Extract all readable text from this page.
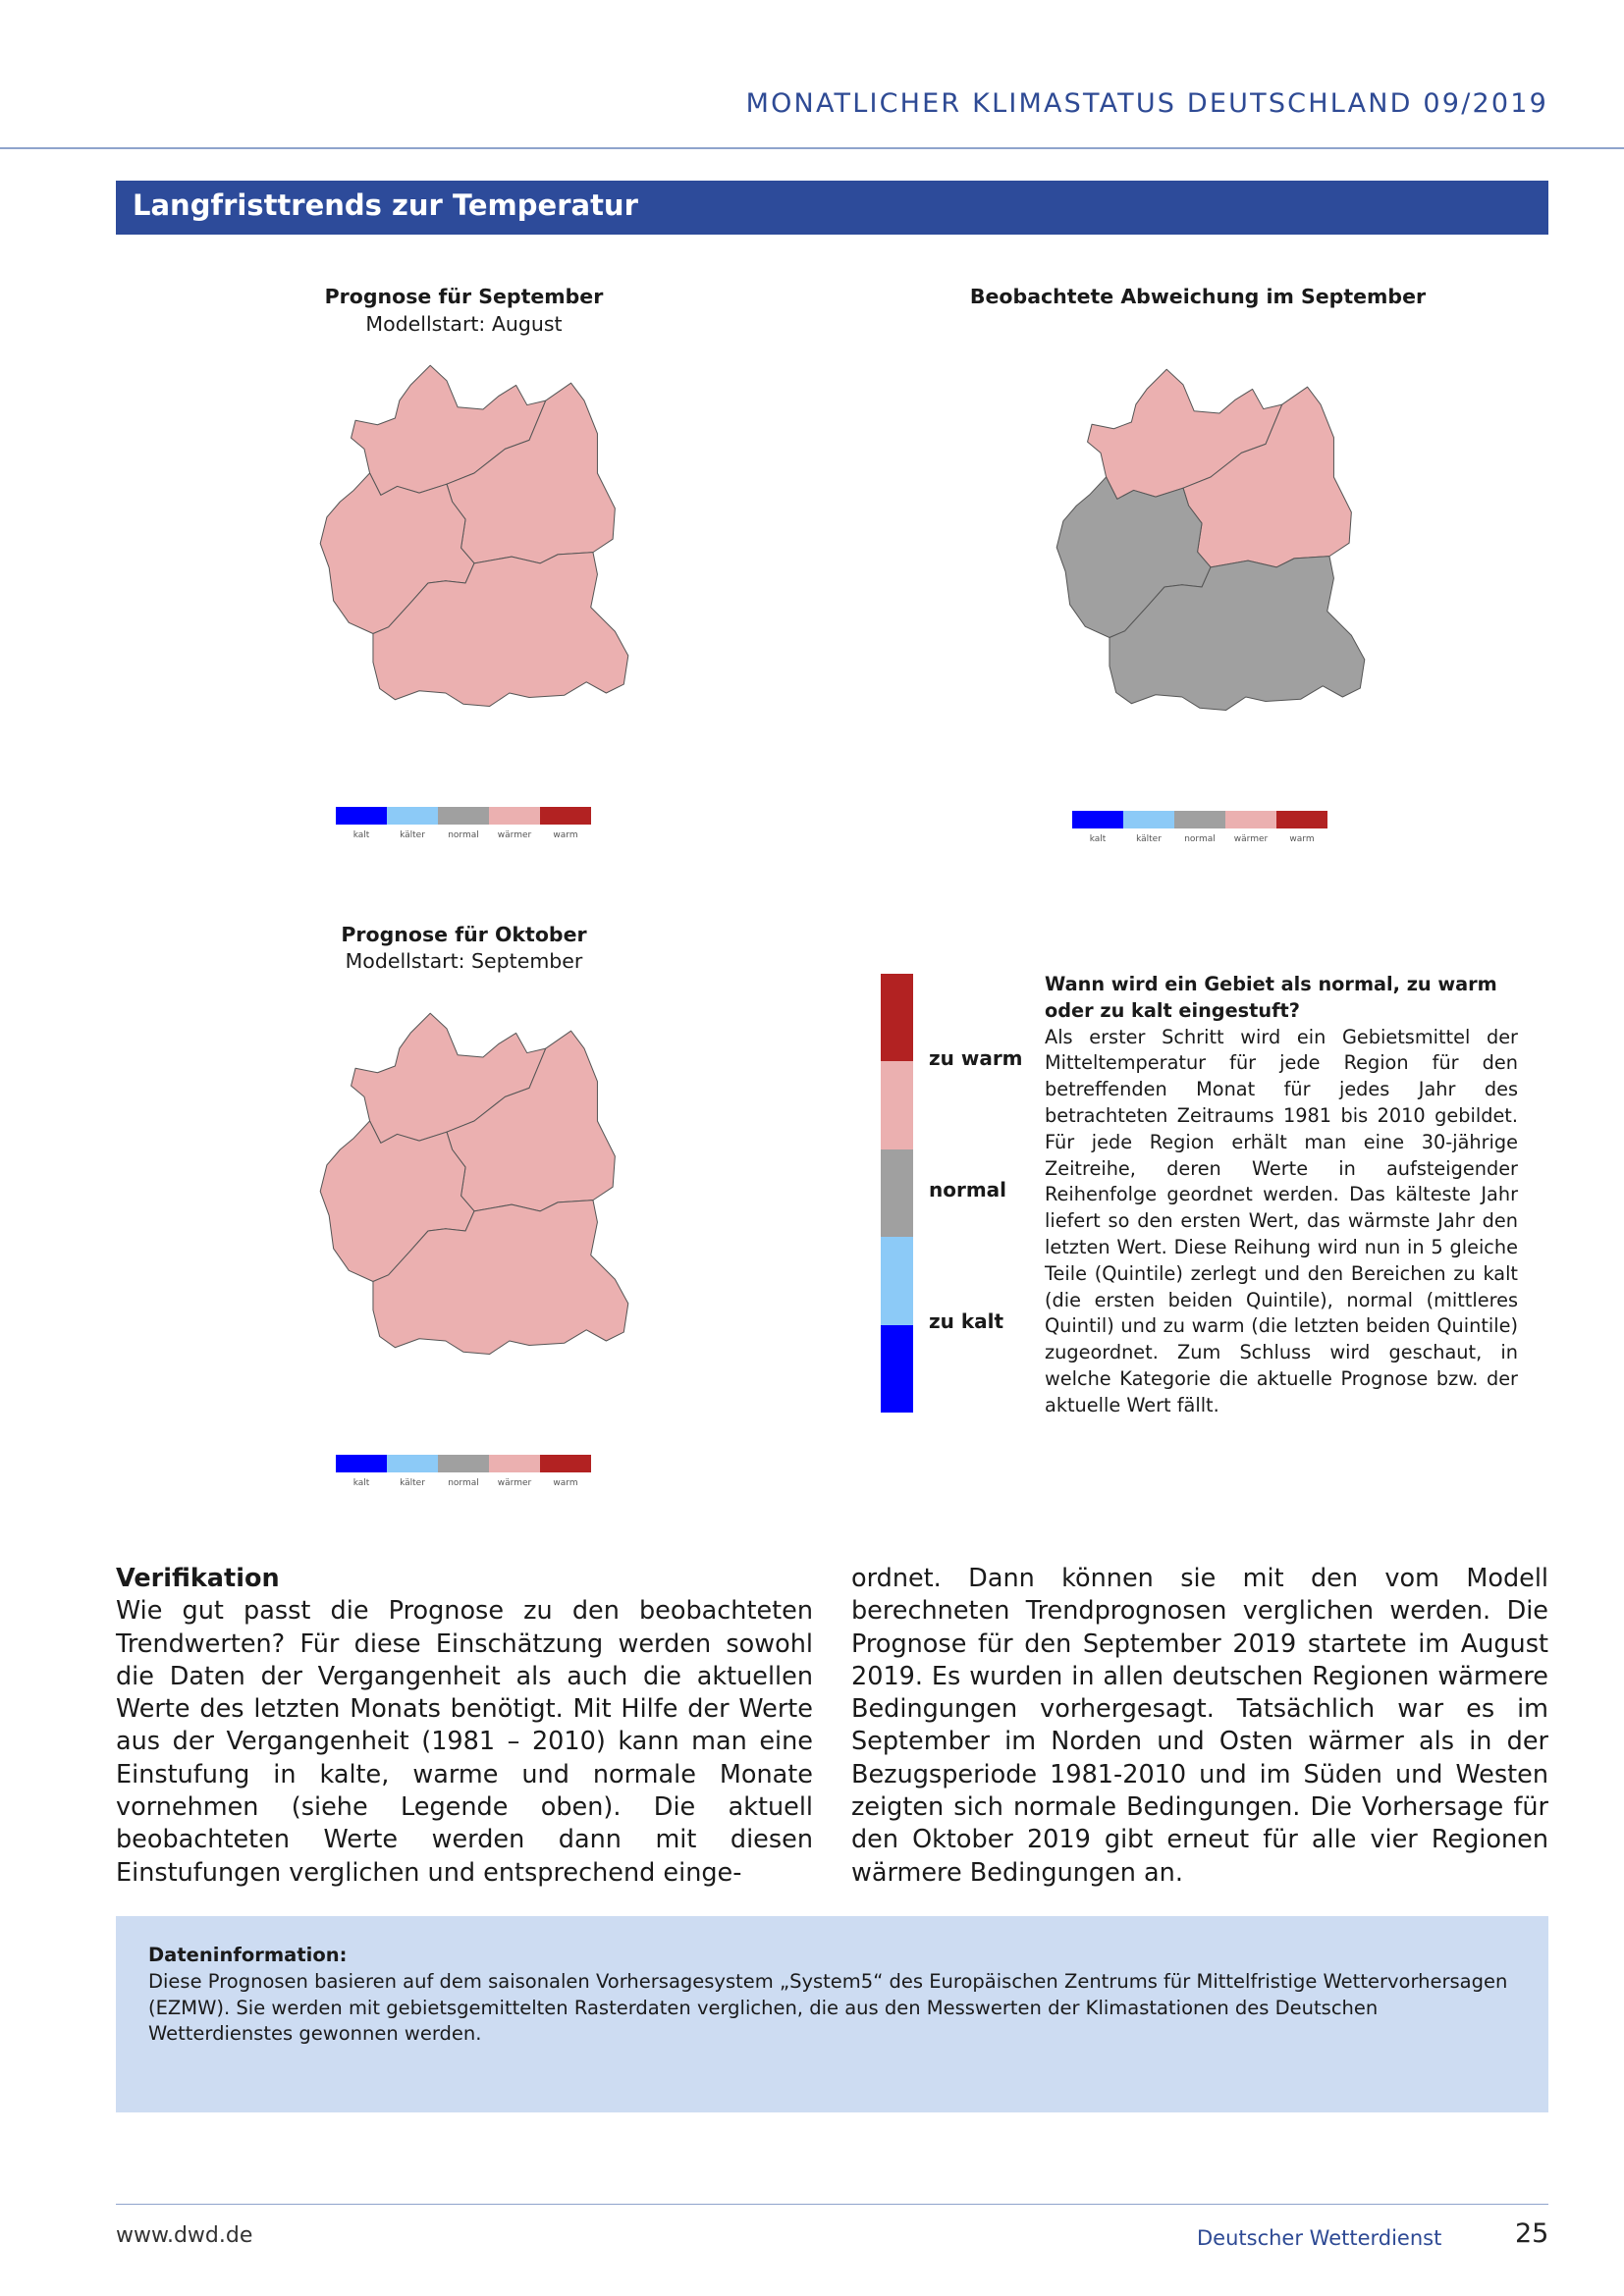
MONATLICHER KLIMASTATUS DEUTSCHLAND 09/2019
Langfristtrends zur Temperatur
Prognose für September
Modellstart: August
kalt	kälter	normal	wärmer	warm
Beobachtete Abweichung im September
kalt	kälter	normal	wärmer	warm
Prognose für Oktober
Modellstart: September
kalt	kälter	normal	wärmer	warm
zu warm
normal
zu kalt
Wann wird ein Gebiet als normal, zu warm oder zu kalt eingestuft?
Als erster Schritt wird ein Gebietsmittel der Mitteltemperatur für jede Region für den betreffenden Monat für jedes Jahr des betrachteten Zeitraums 1981 bis 2010 gebildet. Für jede Region erhält man eine 30-jährige Zeitreihe, deren Werte in aufsteigender Reihenfolge geordnet werden. Das kälteste Jahr liefert so den ersten Wert, das wärmste Jahr den letzten Wert. Diese Reihung wird nun in 5 gleiche Teile (Quintile) zerlegt und den Bereichen zu kalt (die ersten beiden Quintile), normal (mittleres Quintil) und zu warm (die letzten beiden Quintile) zugeordnet. Zum Schluss wird geschaut, in welche Kategorie die aktuelle Prognose bzw. der aktuelle Wert fällt.
Verifikation
Wie gut passt die Prognose zu den beobachteten Trendwerten? Für diese Einschätzung werden sowohl die Daten der Vergangenheit als auch die aktuellen Werte des letzten Monats benötigt. Mit Hilfe der Werte aus der Vergangenheit (1981 – 2010) kann man eine Einstufung in kalte, warme und normale Monate vornehmen (siehe Legende oben). Die aktuell beobachteten Werte werden dann mit diesen Einstufungen verglichen und entsprechend einge-
ordnet. Dann können sie mit den vom Modell berechneten Trendprognosen verglichen werden. Die Prognose für den September 2019 startete im August 2019. Es wurden in allen deutschen Regionen wärmere Bedingungen vorhergesagt. Tatsächlich war es im September im Norden und Osten wärmer als in der Bezugsperiode 1981-2010 und im Süden und Westen zeigten sich normale Bedingungen. Die Vorhersage für den Oktober 2019 gibt erneut für alle vier Regionen wärmere Bedingungen an.
Dateninformation:
Diese Prognosen basieren auf dem saisonalen Vorhersagesystem „System5“ des Europäischen Zentrums für Mittelfristige Wettervorhersagen (EZMW). Sie werden mit gebietsgemittelten Rasterdaten verglichen, die aus den Messwerten der Klimastationen des Deutschen Wetterdienstes gewonnen werden.
www.dwd.de	Deutscher Wetterdienst	25
